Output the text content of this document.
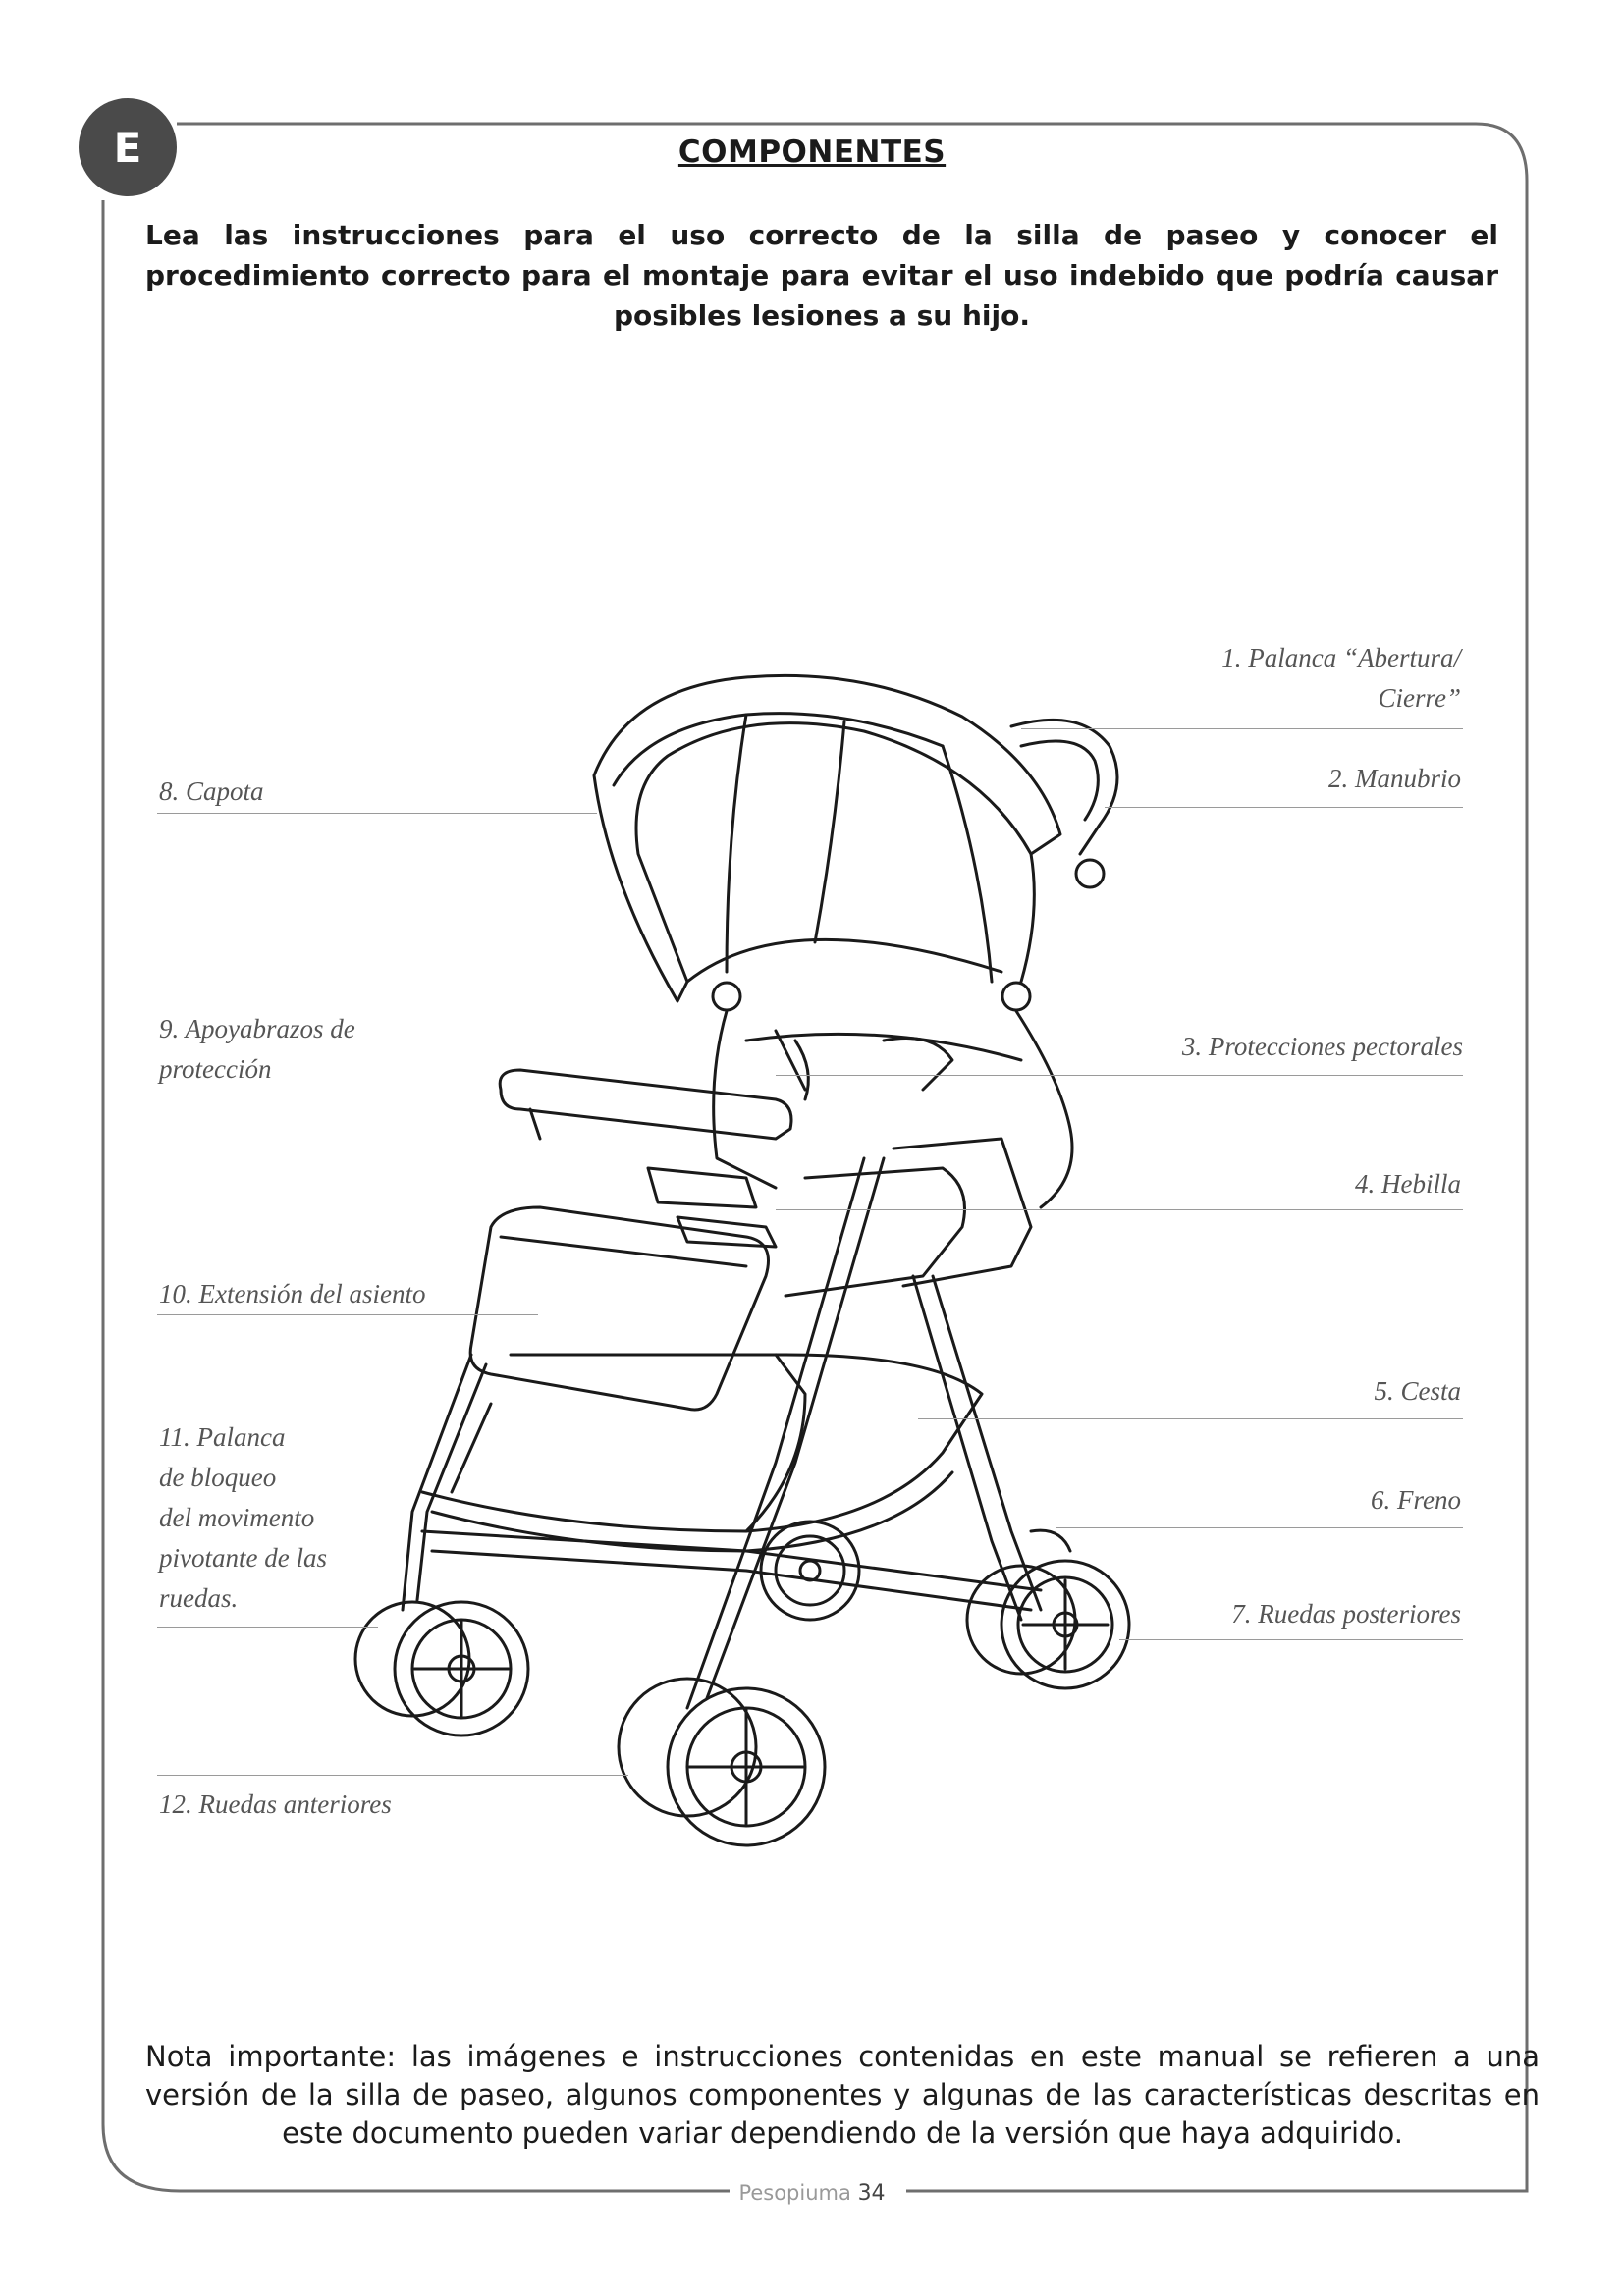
E	COMPONENTES
Lea las instrucciones para el uso correcto de la silla de paseo y conocer el procedimiento correcto para el montaje para evitar el uso indebido que podría causar posibles lesiones a su hijo.
1. Palanca “Abertura/
Cierre”
2. Manubrio
3. Protecciones pectorales
4. Hebilla
5. Cesta
6. Freno
7. Ruedas posteriores
8. Capota
9. Apoyabrazos de
protección
10. Extensión del asiento
11. Palanca
de bloqueo
del movimento
pivotante de las
ruedas.
12. Ruedas anteriores
Nota importante: las imágenes e instrucciones contenidas en este manual se refieren a una versión de la silla de paseo, algunos componentes y algunas de las características descritas en este documento pueden variar dependiendo de la versión que haya adquirido.
Pesopiuma 34
